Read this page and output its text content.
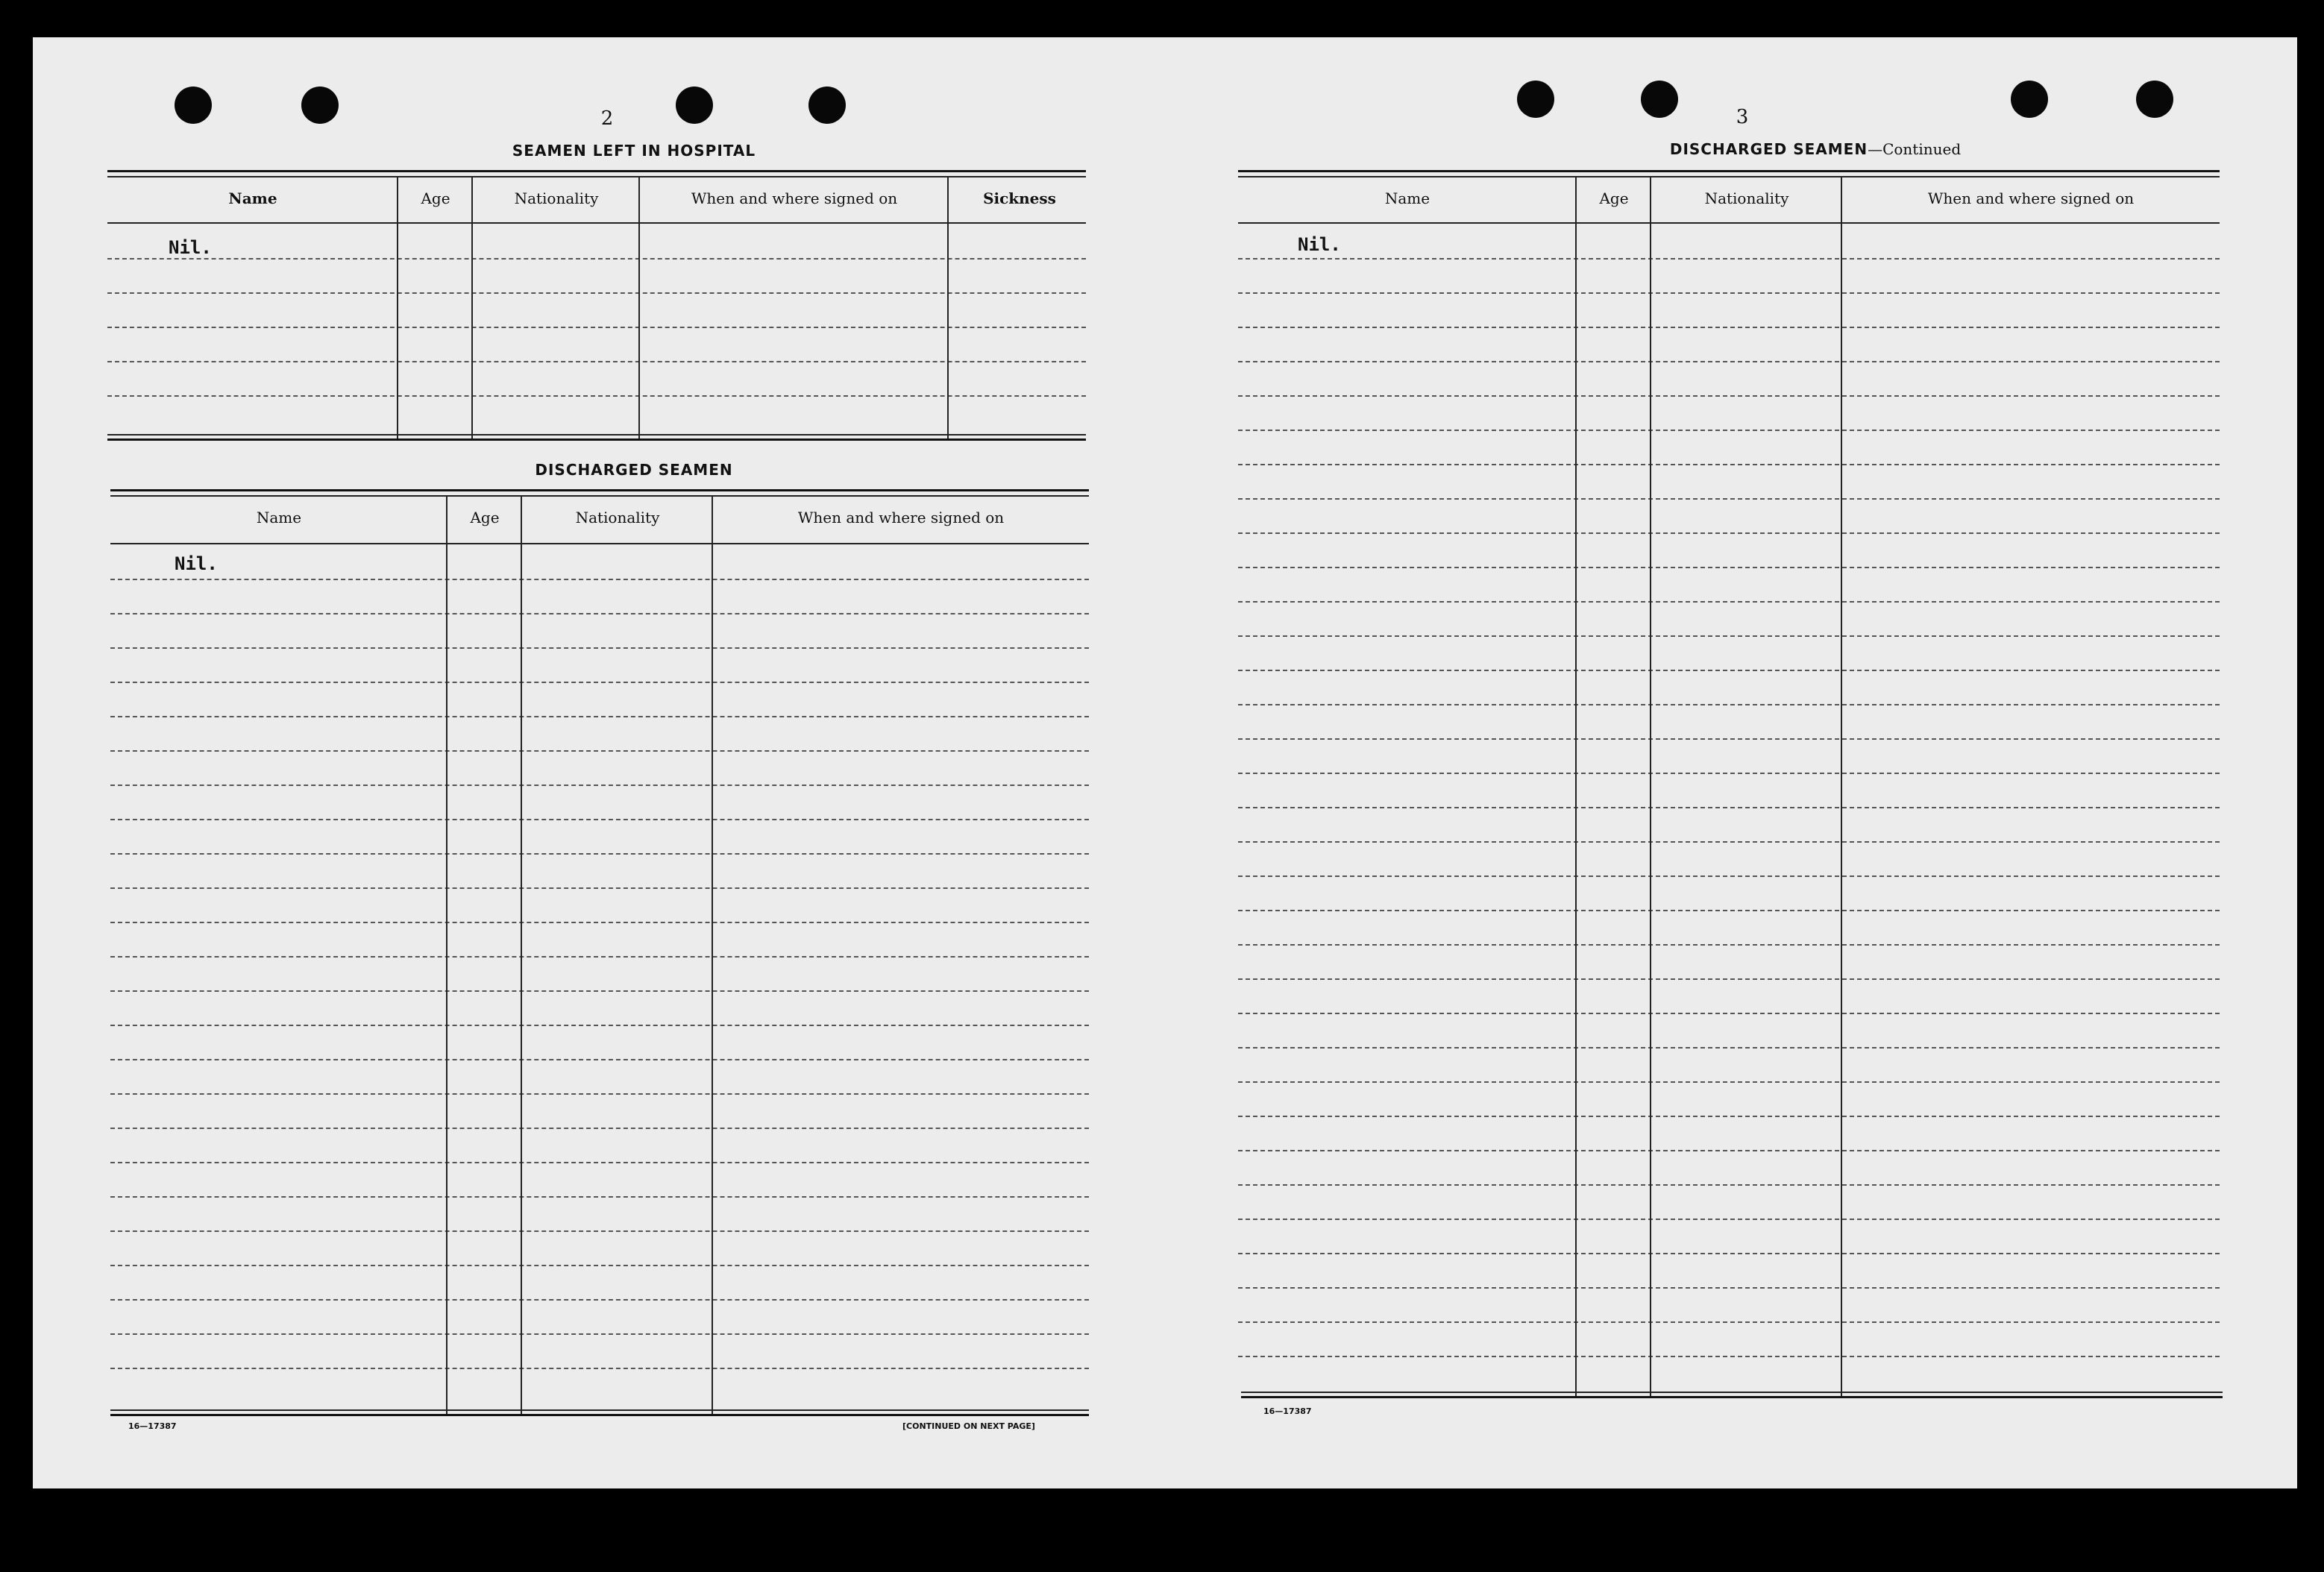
2
SEAMEN LEFT IN HOSPITAL
Name	Age	Nationality	When and where signed on	Sickness
Nil.
DISCHARGED SEAMEN
Name	Age	Nationality	When and where signed on
Nil.
16—17387	[CONTINUED ON NEXT PAGE]
3
DISCHARGED SEAMEN—Continued
Name	Age	Nationality	When and where signed on
Nil.
16—17387
